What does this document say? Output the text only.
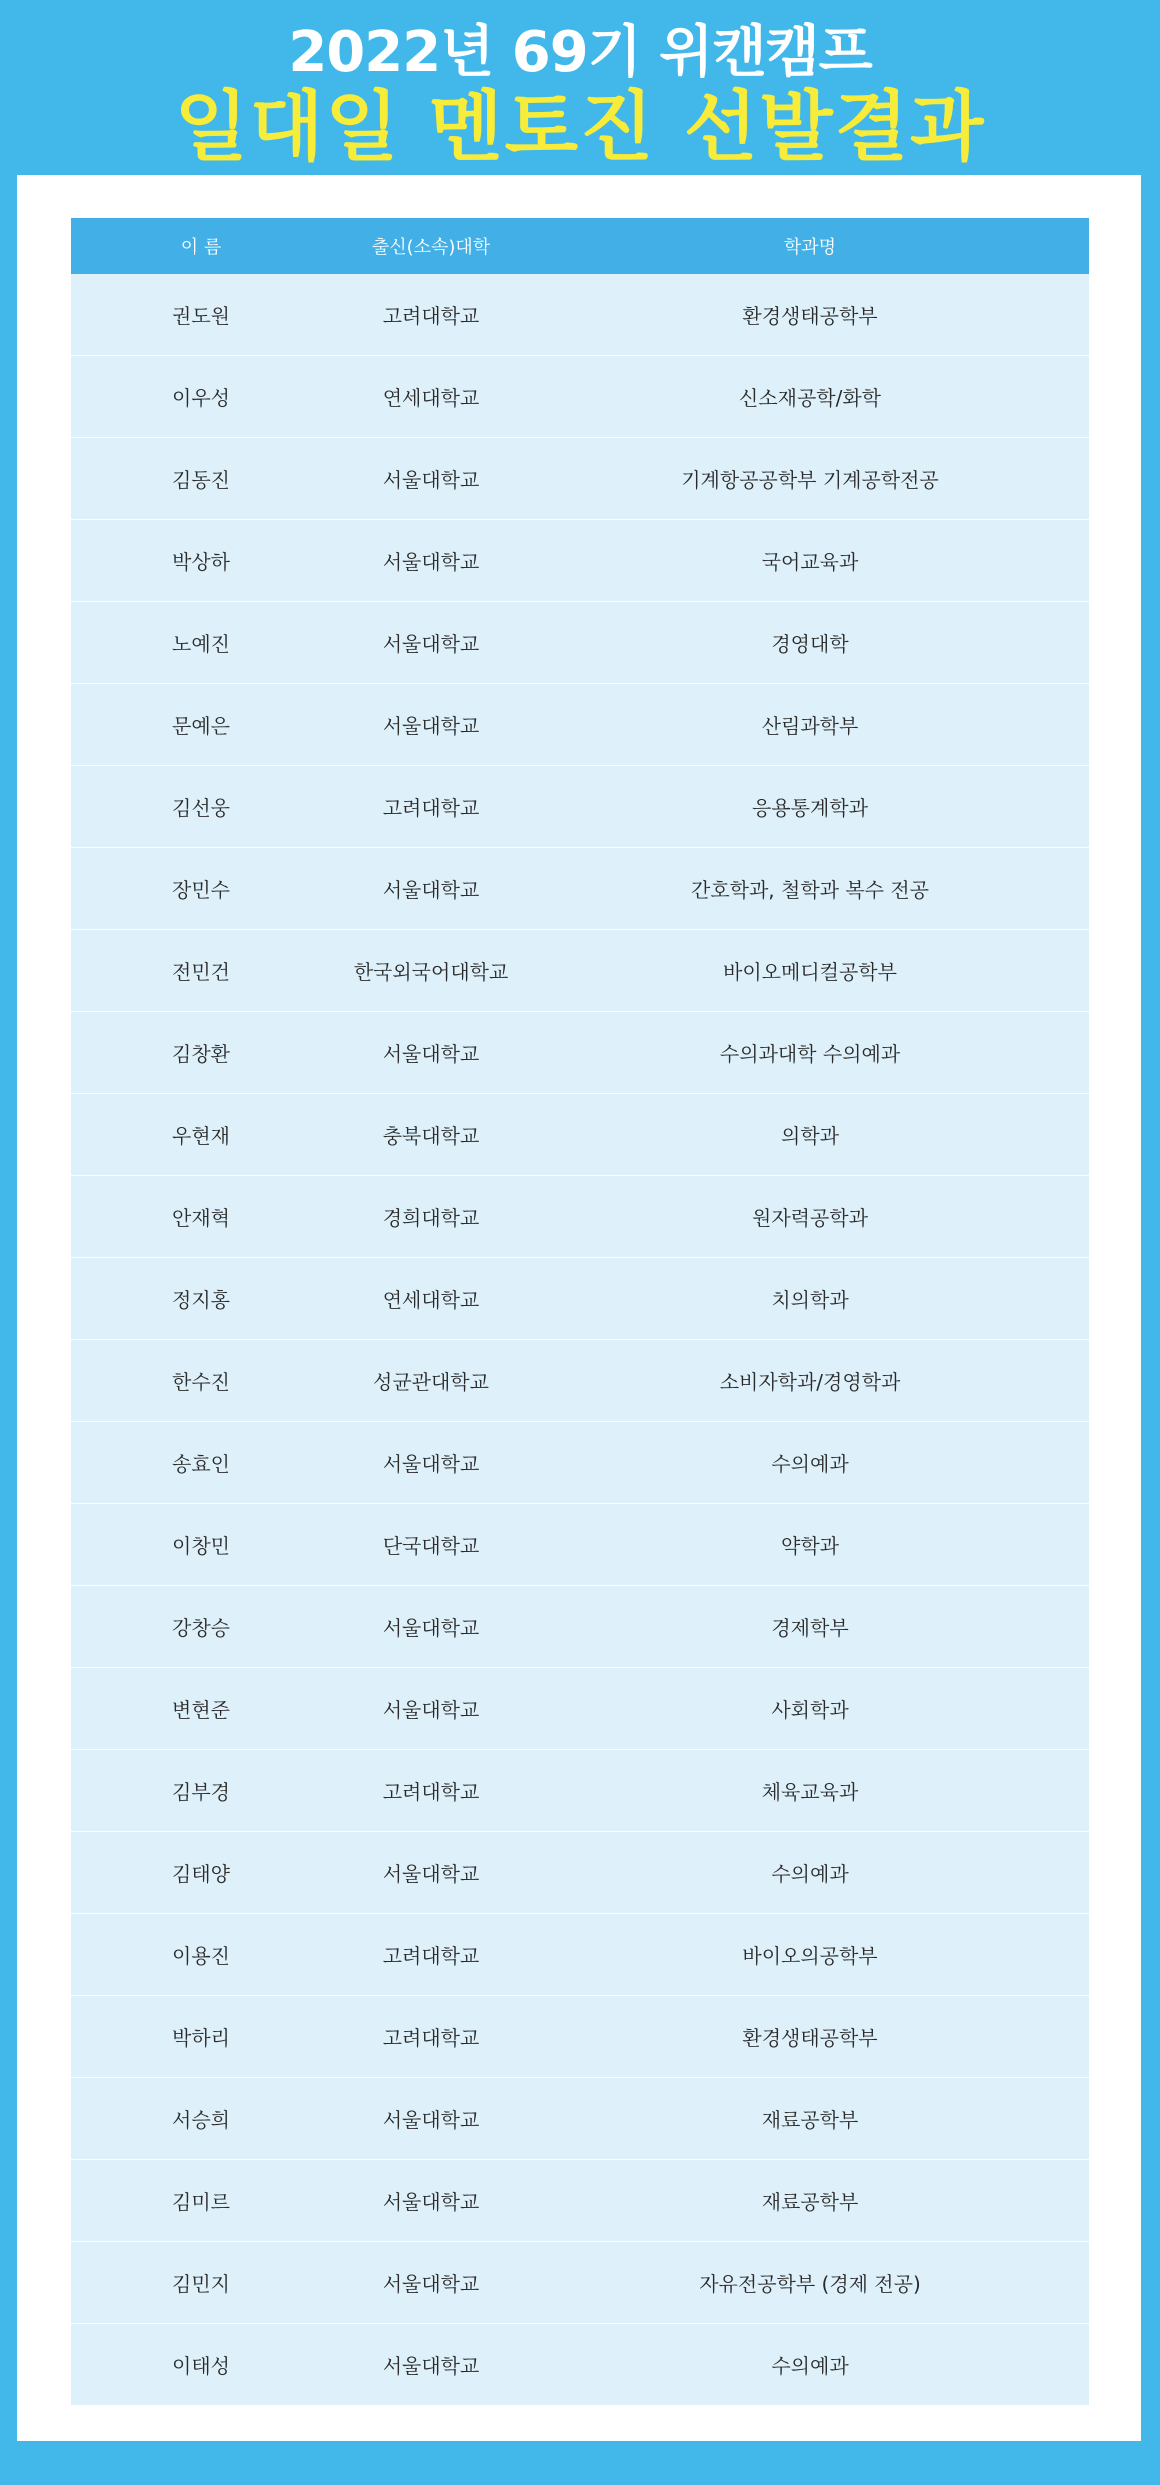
2022년 69기 위캔캠프
일대일 멘토진 선발결과
이 름	출신(소속)대학	학과명
권도원	고려대학교	환경생태공학부
이우성	연세대학교	신소재공학/화학
김동진	서울대학교	기계항공공학부 기계공학전공
박상하	서울대학교	국어교육과
노예진	서울대학교	경영대학
문예은	서울대학교	산림과학부
김선웅	고려대학교	응용통계학과
장민수	서울대학교	간호학과, 철학과 복수 전공
전민건	한국외국어대학교	바이오메디컬공학부
김창환	서울대학교	수의과대학 수의예과
우현재	충북대학교	의학과
안재혁	경희대학교	원자력공학과
정지홍	연세대학교	치의학과
한수진	성균관대학교	소비자학과/경영학과
송효인	서울대학교	수의예과
이창민	단국대학교	약학과
강창승	서울대학교	경제학부
변현준	서울대학교	사회학과
김부경	고려대학교	체육교육과
김태양	서울대학교	수의예과
이용진	고려대학교	바이오의공학부
박하리	고려대학교	환경생태공학부
서승희	서울대학교	재료공학부
김미르	서울대학교	재료공학부
김민지	서울대학교	자유전공학부 (경제 전공)
이태성	서울대학교	수의예과
